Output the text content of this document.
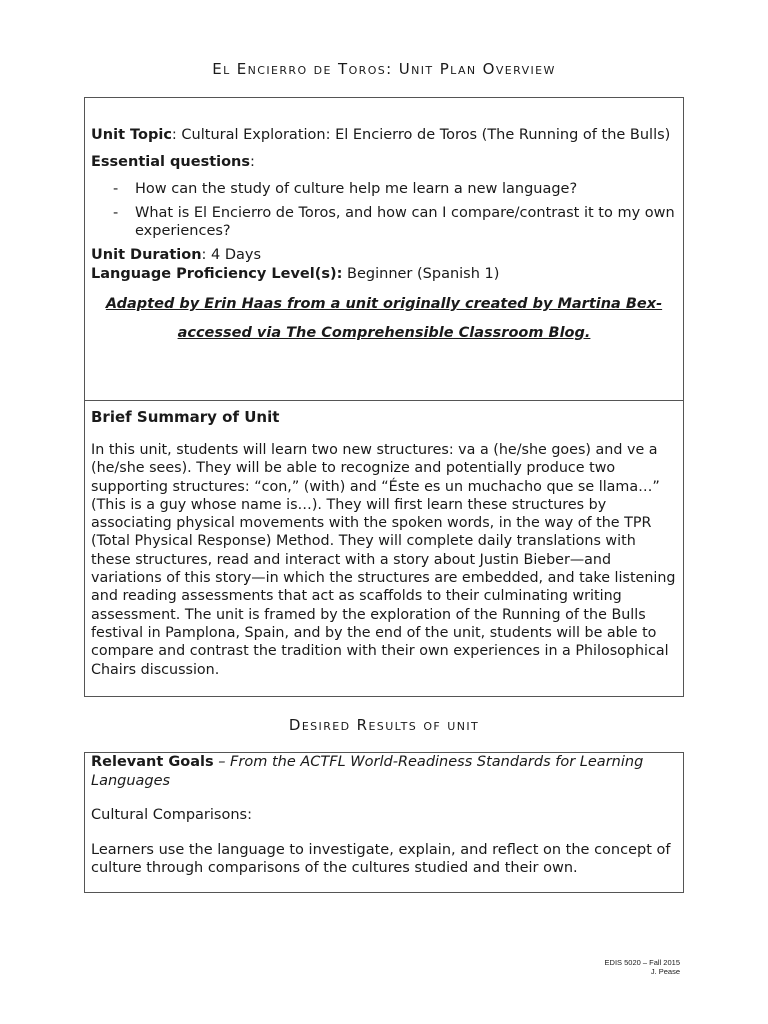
El Encierro de Toros: Unit Plan Overview
Unit Topic: Cultural Exploration: El Encierro de Toros (The Running of the Bulls)
Essential questions:
- How can the study of culture help me learn a new language?
- What is El Encierro de Toros, and how can I compare/contrast it to my own experiences?
Unit Duration: 4 Days
Language Proficiency Level(s): Beginner (Spanish 1)
Adapted by Erin Haas from a unit originally created by Martina Bex- accessed via The Comprehensible Classroom Blog.
Brief Summary of Unit
In this unit, students will learn two new structures: va a (he/she goes) and ve a (he/she sees). They will be able to recognize and potentially produce two supporting structures: “con,” (with) and “Éste es un muchacho que se llama…” (This is a guy whose name is…). They will first learn these structures by associating physical movements with the spoken words, in the way of the TPR (Total Physical Response) Method. They will complete daily translations with these structures, read and interact with a story about Justin Bieber—and variations of this story—in which the structures are embedded, and take listening and reading assessments that act as scaffolds to their culminating writing assessment. The unit is framed by the exploration of the Running of the Bulls festival in Pamplona, Spain, and by the end of the unit, students will be able to compare and contrast the tradition with their own experiences in a Philosophical Chairs discussion.
Desired Results of unit
Relevant Goals – From the ACTFL World-Readiness Standards for Learning Languages

Cultural Comparisons:

Learners use the language to investigate, explain, and reflect on the concept of culture through comparisons of the cultures studied and their own.

EDIS 5020 – Fall 2015
J. Pease
